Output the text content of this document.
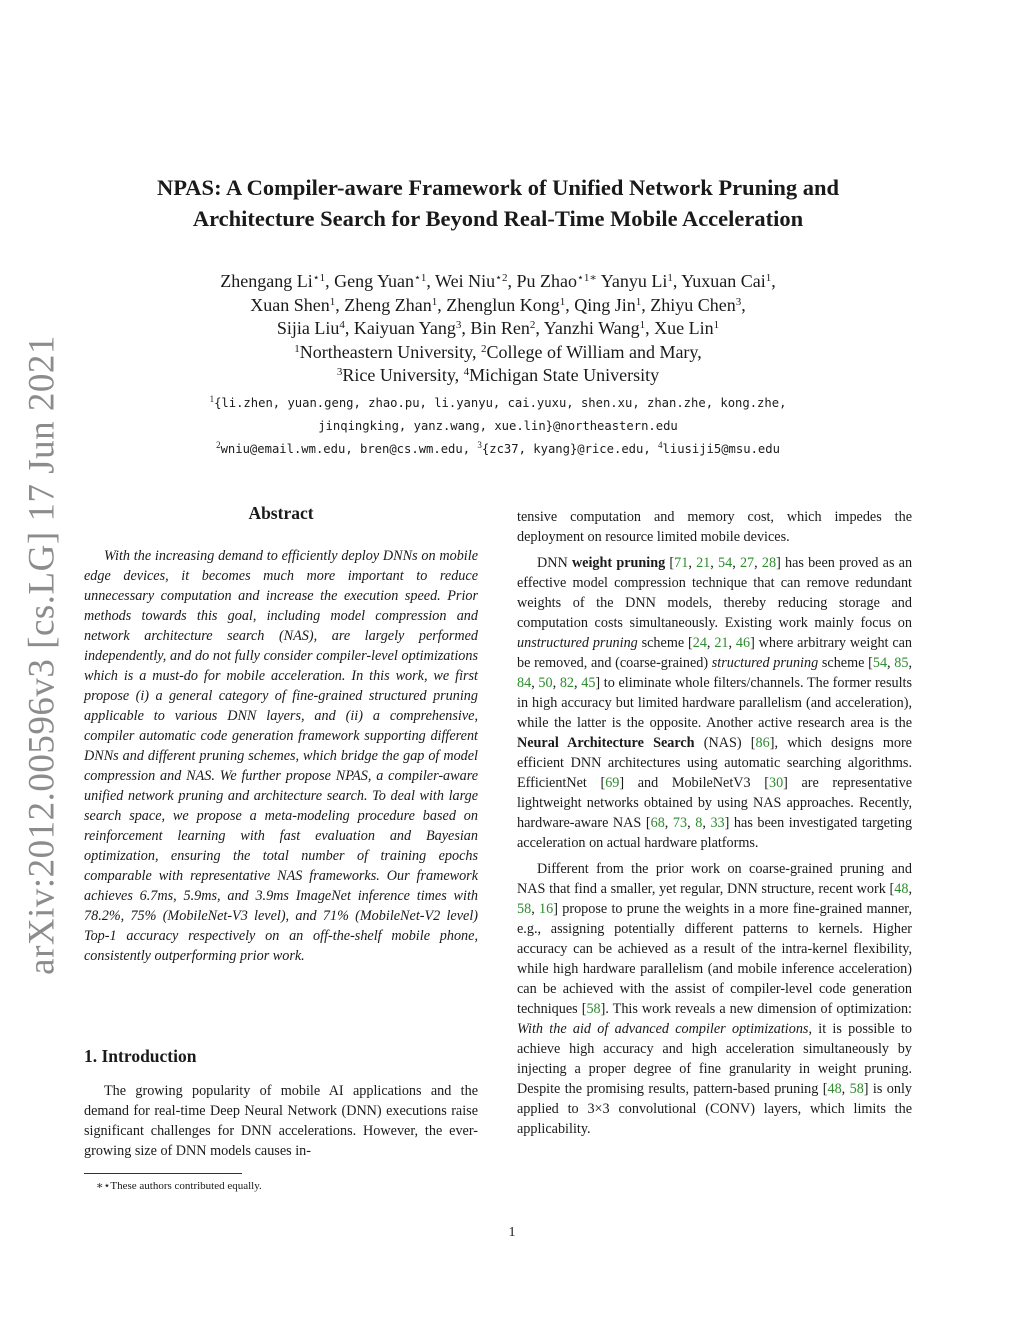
arXiv:2012.00596v3 [cs.LG] 17 Jun 2021
NPAS: A Compiler-aware Framework of Unified Network Pruning and Architecture Search for Beyond Real-Time Mobile Acceleration
Zhengang $Li^{⋆1}$, Geng Yuan$^{⋆1}$, Wei Niu$^{⋆2}$, Pu Zhao$^{⋆1∗}$ Yanyu Li$^1$, Yuxuan Cai$^1$,
Xuan Shen$^1$, Zheng Zhan$^1$, Zhenglun Kong$^1$, Qing Jin$^1$, Zhiyu Chen$^3$,
Sijia Liu$^4$, Kaiyuan Yang$^3$, Bin Ren$^2$, Yanzhi Wang$^1$, Xue Lin$^1$
$^1$Northeastern University, $^2$College of William and Mary,
$^3$Rice University, $^4$Michigan State University
$^1${li.zhen, yuan.geng, zhao.pu, li.yanyu, cai.yuxu, shen.xu, zhan.zhe, kong.zhe,
jinqingking, yanz.wang, xue.lin}@northeastern.edu
$^2$wniu@email.wm.edu, bren@cs.wm.edu, $^3${zc37, kyang}@rice.edu, $^4$liusiji5@msu.edu
Abstract

With the increasing demand to efficiently deploy DNNs on mobile edge devices, it becomes much more important to reduce unnecessary computation and increase the execution speed. Prior methods towards this goal, including model compression and network architecture search (NAS), are largely performed independently, and do not fully consider compiler-level optimizations which is a must-do for mobile acceleration. In this work, we first propose (i) a general category of fine-grained structured pruning applicable to various DNN layers, and (ii) a comprehensive, compiler automatic code generation framework supporting different DNNs and different pruning schemes, which bridge the gap of model compression and NAS. We further propose NPAS, a compiler-aware unified network pruning and architecture search. To deal with large search space, we propose a meta-modeling procedure based on reinforcement learning with fast evaluation and Bayesian optimization, ensuring the total number of training epochs comparable with representative NAS frameworks. Our framework achieves 6.7ms, 5.9ms, and 3.9ms ImageNet inference times with 78.2%, 75% (MobileNet-V3 level), and 71% (MobileNet-V2 level) Top-1 accuracy respectively on an off-the-shelf mobile phone, consistently outperforming prior work.

1. Introduction

The growing popularity of mobile AI applications and the demand for real-time Deep Neural Network (DNN) executions raise significant challenges for DNN accelerations. However, the ever-growing size of DNN models causes in-

∗⋆These authors contributed equally.

tensive computation and memory cost, which impedes the deployment on resource limited mobile devices.

DNN weight pruning [71, 21, 54, 27, 28] has been proved as an effective model compression technique that can remove redundant weights of the DNN models, thereby reducing storage and computation costs simultaneously. Existing work mainly focus on unstructured pruning scheme [24, 21, 46] where arbitrary weight can be removed, and (coarse-grained) structured pruning scheme [54, 85, 84, 50, 82, 45] to eliminate whole filters/channels. The former results in high accuracy but limited hardware parallelism (and acceleration), while the latter is the opposite. Another active research area is the Neural Architecture Search (NAS) [86], which designs more efficient DNN architectures using automatic searching algorithms. EfficientNet [69] and MobileNetV3 [30] are representative lightweight networks obtained by using NAS approaches. Recently, hardware-aware NAS [68, 73, 8, 33] has been investigated targeting acceleration on actual hardware platforms.

Different from the prior work on coarse-grained pruning and NAS that find a smaller, yet regular, DNN structure, recent work [48, 58, 16] propose to prune the weights in a more fine-grained manner, e.g., assigning potentially different patterns to kernels. Higher accuracy can be achieved as a result of the intra-kernel flexibility, while high hardware parallelism (and mobile inference acceleration) can be achieved with the assist of compiler-level code generation techniques [58]. This work reveals a new dimension of optimization: With the aid of advanced compiler optimizations, it is possible to achieve high accuracy and high acceleration simultaneously by injecting a proper degree of fine granularity in weight pruning. Despite the promising results, pattern-based pruning [48, 58] is only applied to 3×3 convolutional (CONV) layers, which limits the applicability.

1
